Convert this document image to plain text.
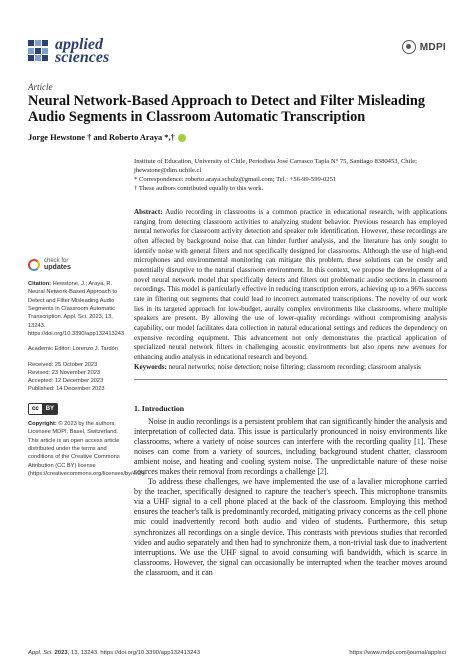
applied
sciences
MDPI
Article
Neural Network-Based Approach to Detect and Filter Misleading Audio Segments in Classroom Automatic Transcription
Jorge Hewstone † and Roberto Araya *,†
Institute of Education, University of Chile, Periodista José Carrasco Tapia N° 75, Santiago 8380453, Chile;
jhewstone@dim.uchile.cl
* Correspondence: roberto.araya.schulz@gmail.com; Tel.: +56-99-599-0251
† These authors contributed equally to this work.
Abstract: Audio recording in classrooms is a common practice in educational research, with applications ranging from detecting classroom activities to analyzing student behavior. Previous research has employed neural networks for classroom activity detection and speaker role identification. However, these recordings are often affected by background noise that can hinder further analysis, and the literature has only sought to identify noise with general filters and not specifically designed for classrooms. Although the use of high-end microphones and environmental monitoring can mitigate this problem, these solutions can be costly and potentially disruptive to the natural classroom environment. In this context, we propose the development of a novel neural network model that specifically detects and filters out problematic audio sections in classroom recordings. This model is particularly effective in reducing transcription errors, achieving up to a 96% success rate in filtering out segments that could lead to incorrect automated transcriptions. The novelty of our work lies in its targeted approach for low-budget, aurally complex environments like classrooms, where multiple speakers are present. By allowing the use of lower-quality recordings without compromising analysis capability, our model facilitates data collection in natural educational settings and reduces the dependency on expensive recording equipment. This advancement not only demonstrates the practical application of specialized neural network filters in challenging acoustic environments but also opens new avenues for enhancing audio analysis in educational research and beyond.
Keywords: neural networks; noise detection; noise filtering; classroom recording; classroom analysis
check for
updates
Citation: Hewstone, J.; Araya, R. Neural Network-Based Approach to Detect and Filter Misleading Audio Segments in Classroom Automatic Transcription. Appl. Sci. 2023, 13, 13243. https://doi.org/10.3390/app132413243
Academic Editor: Lorenzo J. Tardón
Received: 25 October 2023
Revised: 23 November 2023
Accepted: 12 December 2023
Published: 14 December 2023
cc	BY
Copyright: © 2023 by the authors. Licensee MDPI, Basel, Switzerland. This article is an open access article distributed under the terms and conditions of the Creative Commons Attribution (CC BY) license (https://creativecommons.org/licenses/by/4.0/).
1. Introduction

Noise in audio recordings is a persistent problem that can significantly hinder the analysis and interpretation of collected data. This issue is particularly pronounced in noisy environments like classrooms, where a variety of noise sources can interfere with the recording quality [1]. These noises can come from a variety of sources, including background student chatter, classroom ambient noise, and heating and cooling system noise. The unpredictable nature of these noise sources makes their removal from recordings a challenge [2].

To address these challenges, we have implemented the use of a lavalier microphone carried by the teacher, specifically designed to capture the teacher's speech. This microphone transmits via a UHF signal to a cell phone placed at the back of the classroom. Employing this method ensures the teacher's talk is predominantly recorded, mitigating privacy concerns as the cell phone mic could inadvertently record both audio and video of students. Furthermore, this setup synchronizes all recordings on a single device. This contrasts with previous studies that recorded video and audio separately and then had to synchronize them, a non-trivial task due to inadvertent interruptions. We use the UHF signal to avoid consuming wifi bandwidth, which is scarce in classrooms. However, the signal can occasionally be interrupted when the teacher moves around the classroom, and it can

Appl. Sci. 2023, 13, 13243. https://doi.org/10.3390/app132413243	https://www.mdpi.com/journal/applsci
